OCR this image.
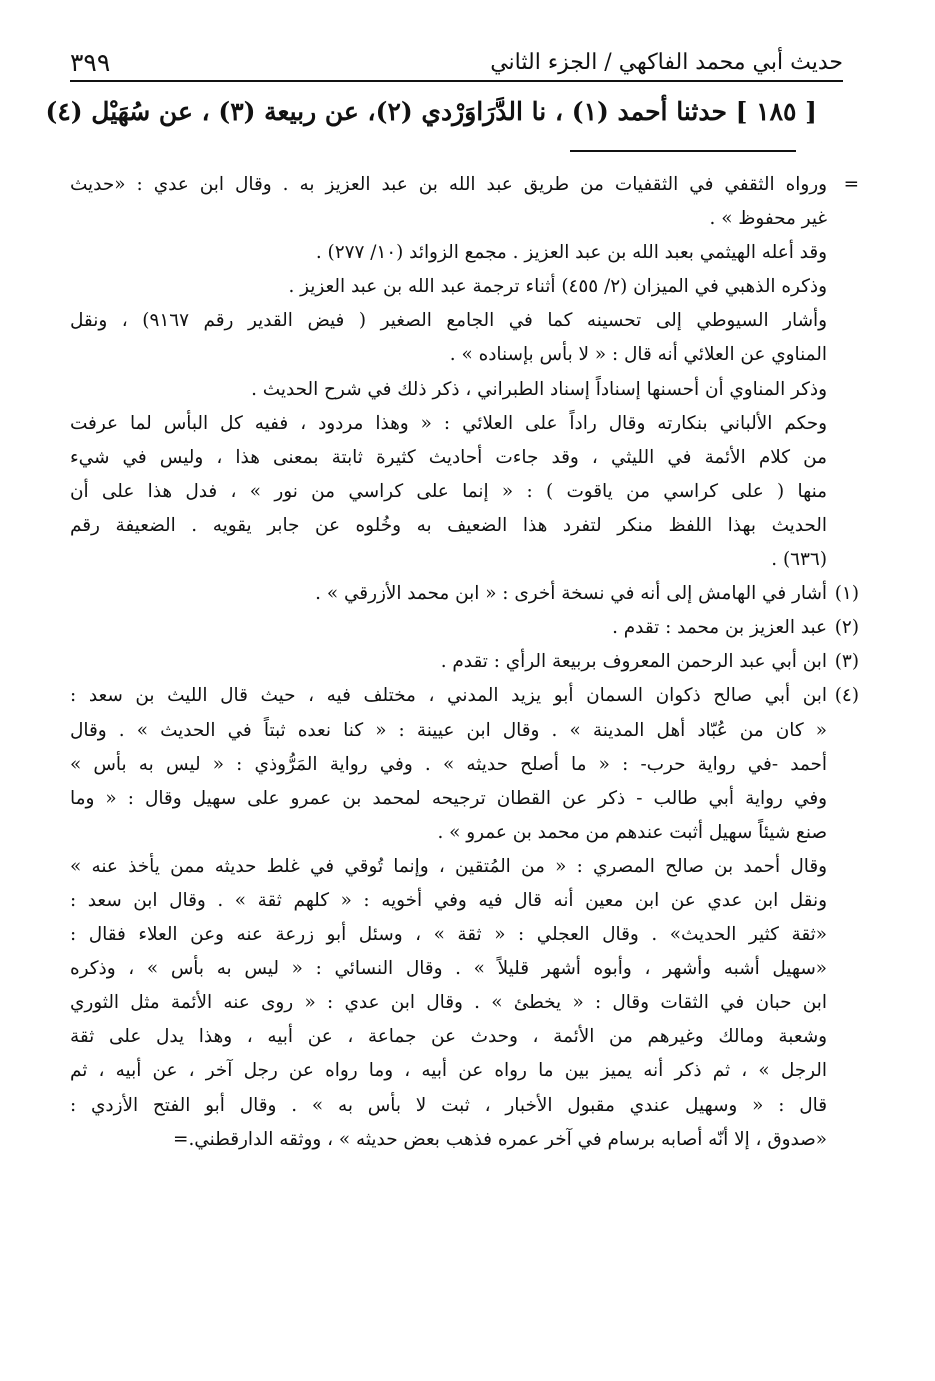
٣٩٩	حديث أبي محمد الفاكهي / الجزء الثاني
[ ١٨٥ ] حدثنا أحمد (١) ، نا الدَّرَاوَرْدي (٢)، عن ربيعة (٣) ، عن سُهَيْل (٤)
=
ورواه الثقفي في الثقفيات من طريق عبد الله بن عبد العزيز به . وقال ابن عدي : «حديث
غير محفوظ » .
وقد أعله الهيثمي بعبد الله بن عبد العزيز . مجمع الزوائد (١٠/ ٢٧٧) .
وذكره الذهبي في الميزان (٢/ ٤٥٥) أثناء ترجمة عبد الله بن عبد العزيز .
وأشار السيوطي إلى تحسينه كما في الجامع الصغير ( فيض القدير رقم ٩١٦٧) ، ونقل
المناوي عن العلائي أنه قال : « لا بأس بإسناده » .
وذكر المناوي أن أحسنها إسناداً إسناد الطبراني ، ذكر ذلك في شرح الحديث .
وحكم الألباني بنكارته وقال راداً على العلائي : « وهذا مردود ، ففيه كل البأس لما عرفت
من كلام الأئمة في الليثي ، وقد جاءت أحاديث كثيرة ثابتة بمعنى هذا ، وليس في شيء
منها ( على كراسي من ياقوت ) : « إنما على كراسي من نور » ، فدل هذا على أن
الحديث بهذا اللفظ منكر لتفرد هذا الضعيف به وخُلوه عن جابر يقويه . الضعيفة رقم
(٦٣٦) .
(١)
أشار في الهامش إلى أنه في نسخة أخرى : « ابن محمد الأزرقي » .
(٢)
عبد العزيز بن محمد : تقدم .
(٣)
ابن أبي عبد الرحمن المعروف بربيعة الرأي : تقدم .
(٤)
ابن أبي صالح ذكوان السمان أبو يزيد المدني ، مختلف فيه ، حيث قال الليث بن سعد :
« كان من عُبّاد أهل المدينة » . وقال ابن عيينة : « كنا نعده ثبتاً في الحديث » . وقال
أحمد -في رواية حرب- : « ما أصلح حديثه » . وفي رواية المَرُّوذي : « ليس به بأس »
وفي رواية أبي طالب - ذكر عن القطان ترجيحه لمحمد بن عمرو على سهيل وقال : « وما
صنع شيئاً سهيل أثبت عندهم من محمد بن عمرو » .
وقال أحمد بن صالح المصري : « من المُتقين ، وإنما تُوقي في غلط حديثه ممن يأخذ عنه »
ونقل ابن عدي عن ابن معين أنه قال فيه وفي أخويه : « كلهم ثقة » . وقال ابن سعد :
«ثقة كثير الحديث» . وقال العجلي : « ثقة » ، وسئل أبو زرعة عنه وعن العلاء فقال :
«سهيل أشبه وأشهر ، وأبوه أشهر قليلاً » . وقال النسائي : « ليس به بأس » ، وذكره
ابن حبان في الثقات وقال : « يخطئ » . وقال ابن عدي : « روى عنه الأئمة مثل الثوري
وشعبة ومالك وغيرهم من الأئمة ، وحدث عن جماعة ، عن أبيه ، وهذا يدل على ثقة
الرجل » ، ثم ذكر أنه يميز بين ما رواه عن أبيه ، وما رواه عن رجل آخر ، عن أبيه ، ثم
قال : « وسهيل عندي مقبول الأخبار ، ثبت لا بأس به » . وقال أبو الفتح الأزدي :
«صدوق ، إلا أنّه أصابه برسام في آخر عمره فذهب بعض حديثه » ، ووثقه الدارقطني.=
